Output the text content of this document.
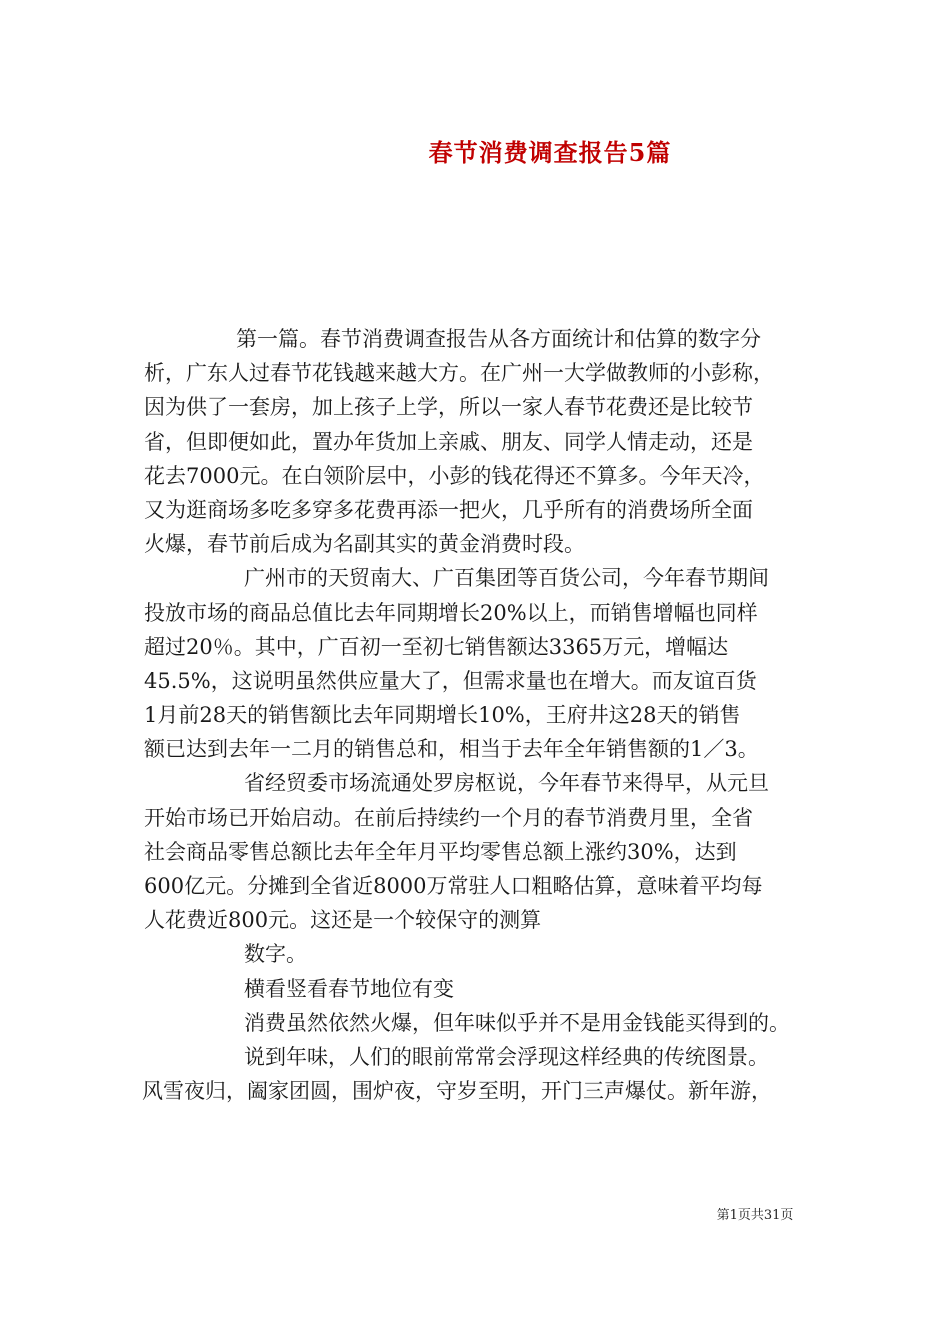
春节消费调查报告5篇
第一篇。春节消费调查报告从各方面统计和估算的数字分
析，广东人过春节花钱越来越大方。在广州一大学做教师的小彭称，
因为供了一套房，加上孩子上学，所以一家人春节花费还是比较节
省，但即便如此，置办年货加上亲戚、朋友、同学人情走动，还是
花去7000元。在白领阶层中，小彭的钱花得还不算多。今年天冷，
又为逛商场多吃多穿多花费再添一把火，几乎所有的消费场所全面
火爆，春节前后成为名副其实的黄金消费时段。
广州市的天贸南大、广百集团等百货公司，今年春节期间
投放市场的商品总值比去年同期增长20%以上，而销售增幅也同样
超过20％。其中，广百初一至初七销售额达3365万元，增幅达
45.5%，这说明虽然供应量大了，但需求量也在增大。而友谊百货
1月前28天的销售额比去年同期增长10%，王府井这28天的销售
额已达到去年一二月的销售总和，相当于去年全年销售额的1／3。
省经贸委市场流通处罗房枢说，今年春节来得早，从元旦
开始市场已开始启动。在前后持续约一个月的春节消费月里，全省
社会商品零售总额比去年全年月平均零售总额上涨约30%，达到
600亿元。分摊到全省近8000万常驻人口粗略估算，意味着平均每
人花费近800元。这还是一个较保守的测算
数字。
横看竖看春节地位有变
消费虽然依然火爆，但年味似乎并不是用金钱能买得到的。
说到年味，人们的眼前常常会浮现这样经典的传统图景。
风雪夜归，阖家团圆，围炉夜，守岁至明，开门三声爆仗。新年游，
第1页共31页
